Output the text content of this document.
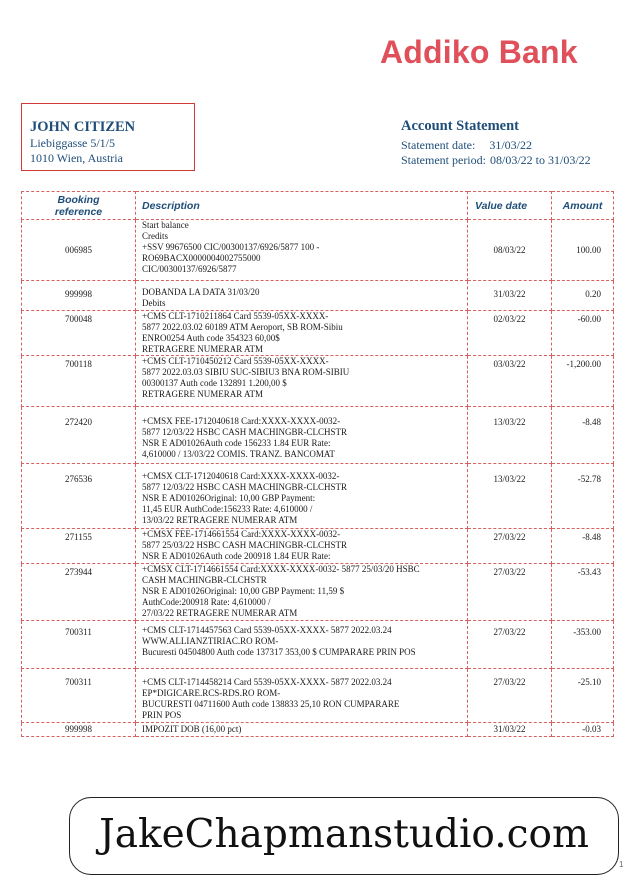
Addiko Bank
JOHN CITIZEN
Liebiggasse 5/1/5
1010 Wien, Austria
Account Statement
Statement date: 31/03/22
Statement period: 08/03/22 to 31/03/22
Booking
reference	Description	Value date	Amount
006985	Start balance
Credits
+SSV 99676500 CIC/00300137/6926/5877 100 -
RO69BACX0000004002755000
CIC/00300137/6926/5877	08/03/22	100.00
999998	DOBANDA LA DATA 31/03/20
Debits	31/03/22	0.20
700048	+CMS CLT-1710211864 Card 5539-05XX-XXXX-
5877 2022.03.02 60189 ATM Aeroport, SB ROM-Sibiu
ENRO0254 Auth code 354323 60,00$
RETRAGERE NUMERAR ATM	02/03/22	-60.00
700118	+CMS CLT-1710450212 Card 5539-05XX-XXXX-
5877 2022.03.03 SIBIU SUC-SIBIU3 BNA ROM-SIBIU
00300137 Auth code 132891 1.200,00 $
RETRAGERE NUMERAR ATM	03/03/22	-1,200.00
272420	+CMSX FEE-1712040618 Card:XXXX-XXXX-0032-
5877 12/03/22 HSBC CASH MACHINGBR-CLCHSTR
NSR E AD01026Auth code 156233 1.84 EUR Rate:
4,610000 / 13/03/22 COMIS. TRANZ. BANCOMAT	13/03/22	-8.48
276536	+CMSX CLT-1712040618 Card:XXXX-XXXX-0032-
5877 12/03/22 HSBC CASH MACHINGBR-CLCHSTR
NSR E AD01026Original: 10,00 GBP Payment:
11,45 EUR AuthCode:156233 Rate: 4,610000 /
13/03/22 RETRAGERE NUMERAR ATM	13/03/22	-52.78
271155	+CMSX FEE-1714661554 Card:XXXX-XXXX-0032-
5877 25/03/22 HSBC CASH MACHINGBR-CLCHSTR
NSR E AD01026Auth code 200918 1.84 EUR Rate:	27/03/22	-8.48
273944	+CMSX CLT-1714661554 Card:XXXX-XXXX-0032- 5877 25/03/20 HSBC
CASH MACHINGBR-CLCHSTR
NSR E AD01026Original: 10,00 GBP Payment: 11,59 $
AuthCode:200918 Rate: 4,610000 /
27/03/22 RETRAGERE NUMERAR ATM	27/03/22	-53.43
700311	+CMS CLT-1714457563 Card 5539-05XX-XXXX- 5877 2022.03.24
WWW.ALLIANZTIRIAC.RO ROM-
Bucuresti 04504800 Auth code 137317 353,00 $ CUMPARARE PRIN POS	27/03/22	-353.00
700311	+CMS CLT-1714458214 Card 5539-05XX-XXXX- 5877 2022.03.24
EP*DIGICARE.RCS-RDS.RO ROM-
BUCURESTI 04711600 Auth code 138833 25,10 RON CUMPARARE
PRIN POS	27/03/22	-25.10
999998	IMPOZIT DOB (16,00 pct)	31/03/22	-0.03
JakeChapmanstudio.com
1
